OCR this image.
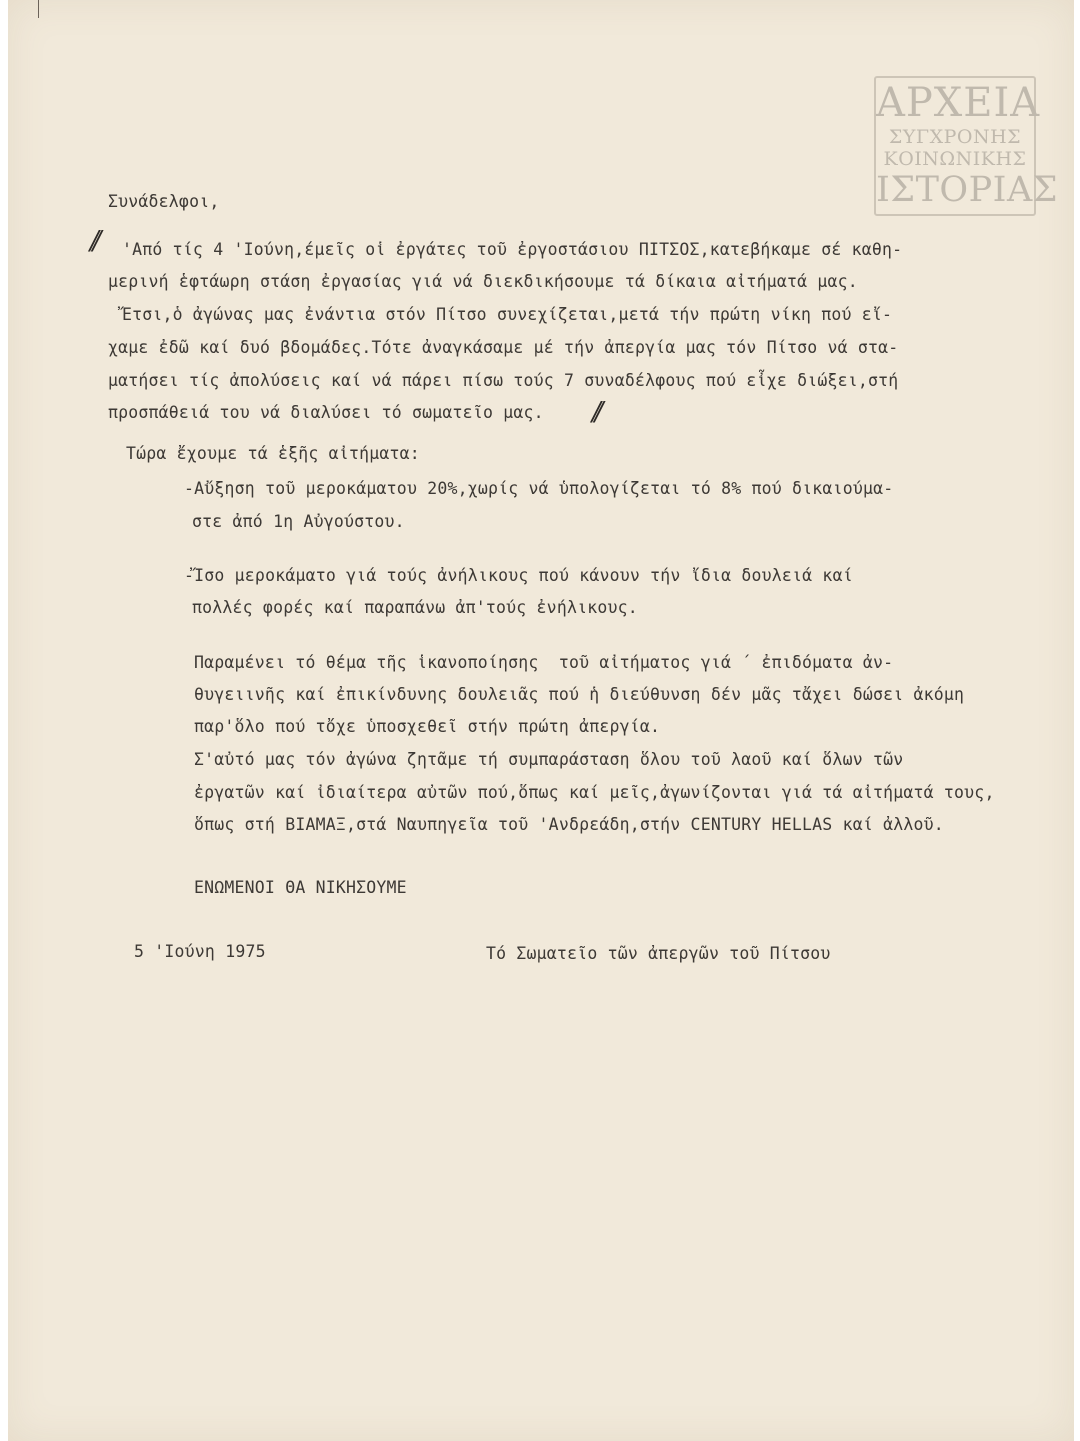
ΑΡΧΕΙΑ
ΣΥΓΧΡΟΝΗΣ
ΚΟΙΝΩΝΙΚΗΣ
ΙΣΤΟΡΙΑΣ
Συνάδελφοι,
// 'Από τίς 4 'Ιούνη,έμεῖς οἱ ἐργάτες τοῦ ἐργοστάσιου ΠΙΤΣΟΣ,κατεβήκαμε σέ καθη-
μερινή ἑφτάωρη στάση ἐργασίας γιά νά διεκδικήσουμε τά δίκαια αἰτήματά μας.
Ἔτσι,ὁ ἀγώνας μας ἐνάντια στόν Πίτσο συνεχίζεται,μετά τήν πρώτη νίκη πού εἴ-
χαμε ἐδῶ καί δυό βδομάδες.Τότε ἀναγκάσαμε μέ τήν ἀπεργία μας τόν Πίτσο νά στα-
ματήσει τίς ἀπολύσεις καί νά πάρει πίσω τούς 7 συναδέλφους πού εἶχε διώξει,στή
προσπάθειά του νά διαλύσει τό σωματεῖο μας. //
Τώρα ἔχουμε τά ἑξῆς αἰτήματα:
-Αὔξηση τοῦ μεροκάματου 20%,χωρίς νά ὑπολογίζεται τό 8% πού δικαιούμα-
στε ἀπό 1η Αὐγούστου.
-Ἴσο μεροκάματο γιά τούς ἀνήλικους πού κάνουν τήν ἴδια δουλειά καί
πολλές φορές καί παραπάνω ἀπ'τούς ἐνήλικους.
Παραμένει τό θέμα τῆς ἱκανοποίησης  τοῦ αἰτήματος γιά ´ ἐπιδόματα ἀν-
θυγειινῆς καί ἐπικίνδυνης δουλειᾶς πού ἡ διεύθυνση δέν μᾶς τἄχει δώσει ἀκόμη
παρ'ὅλο πού τὄχε ὑποσχεθεῖ στήν πρώτη ἀπεργία.
Σ'αὐτό μας τόν ἀγώνα ζητᾶμε τή συμπαράσταση ὅλου τοῦ λαοῦ καί ὅλων τῶν
ἐργατῶν καί ἰδιαίτερα αὐτῶν πού,ὅπως καί μεῖς,ἀγωνίζονται γιά τά αἰτήματά τους,
ὅπως στή ΒΙΑΜΑΞ,στά Ναυπηγεῖα τοῦ 'Ανδρεάδη,στήν CENTURY HELLAS καί ἀλλοῦ.
ΕΝΩΜΕΝΟΙ ΘΑ ΝΙΚΗΣΟΥΜΕ
5 'Ιούνη 1975	Τό Σωματεῖο τῶν ἀπεργῶν τοῦ Πίτσου
